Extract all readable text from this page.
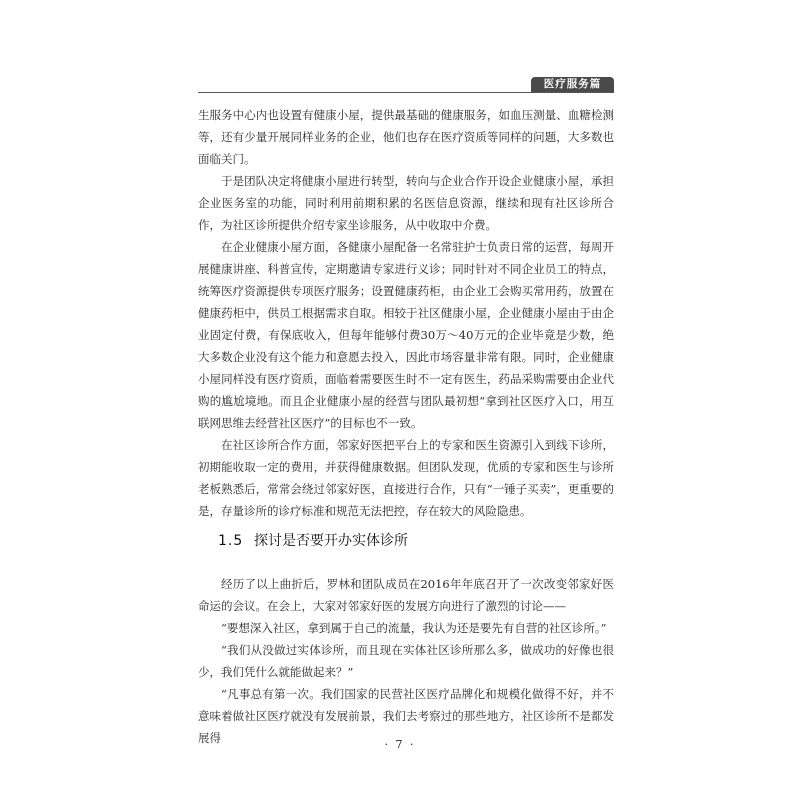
医疗服务篇

生服务中心内也设置有健康小屋，提供最基础的健康服务，如血压测量、血糖检测等，还有少量开展同样业务的企业，他们也存在医疗资质等同样的问题，大多数也面临关门。

于是团队决定将健康小屋进行转型，转向与企业合作开设企业健康小屋，承担企业医务室的功能，同时利用前期积累的名医信息资源，继续和现有社区诊所合作，为社区诊所提供介绍专家坐诊服务，从中收取中介费。

在企业健康小屋方面，各健康小屋配备一名常驻护士负责日常的运营，每周开展健康讲座、科普宣传，定期邀请专家进行义诊；同时针对不同企业员工的特点，统筹医疗资源提供专项医疗服务；设置健康药柜，由企业工会购买常用药，放置在健康药柜中，供员工根据需求自取。相较于社区健康小屋，企业健康小屋由于由企业固定付费，有保底收入，但每年能够付费30万～40万元的企业毕竟是少数，绝大多数企业没有这个能力和意愿去投入，因此市场容量非常有限。同时，企业健康小屋同样没有医疗资质，面临着需要医生时不一定有医生，药品采购需要由企业代购的尴尬境地。而且企业健康小屋的经营与团队最初想“拿到社区医疗入口，用互联网思维去经营社区医疗”的目标也不一致。

在社区诊所合作方面，邻家好医把平台上的专家和医生资源引入到线下诊所，初期能收取一定的费用，并获得健康数据。但团队发现，优质的专家和医生与诊所老板熟悉后，常常会绕过邻家好医，直接进行合作，只有“一锤子买卖”，更重要的是，存量诊所的诊疗标准和规范无法把控，存在较大的风险隐患。

1.5 探讨是否要开办实体诊所

经历了以上曲折后，罗林和团队成员在2016年年底召开了一次改变邻家好医命运的会议。在会上，大家对邻家好医的发展方向进行了激烈的讨论——

“要想深入社区，拿到属于自己的流量，我认为还是要先有自营的社区诊所。”

“我们从没做过实体诊所，而且现在实体社区诊所那么多，做成功的好像也很少，我们凭什么就能做起来？”

“凡事总有第一次。我们国家的民营社区医疗品牌化和规模化做得不好，并不意味着做社区医疗就没有发展前景，我们去考察过的那些地方，社区诊所不是都发展得	· 7 ·
